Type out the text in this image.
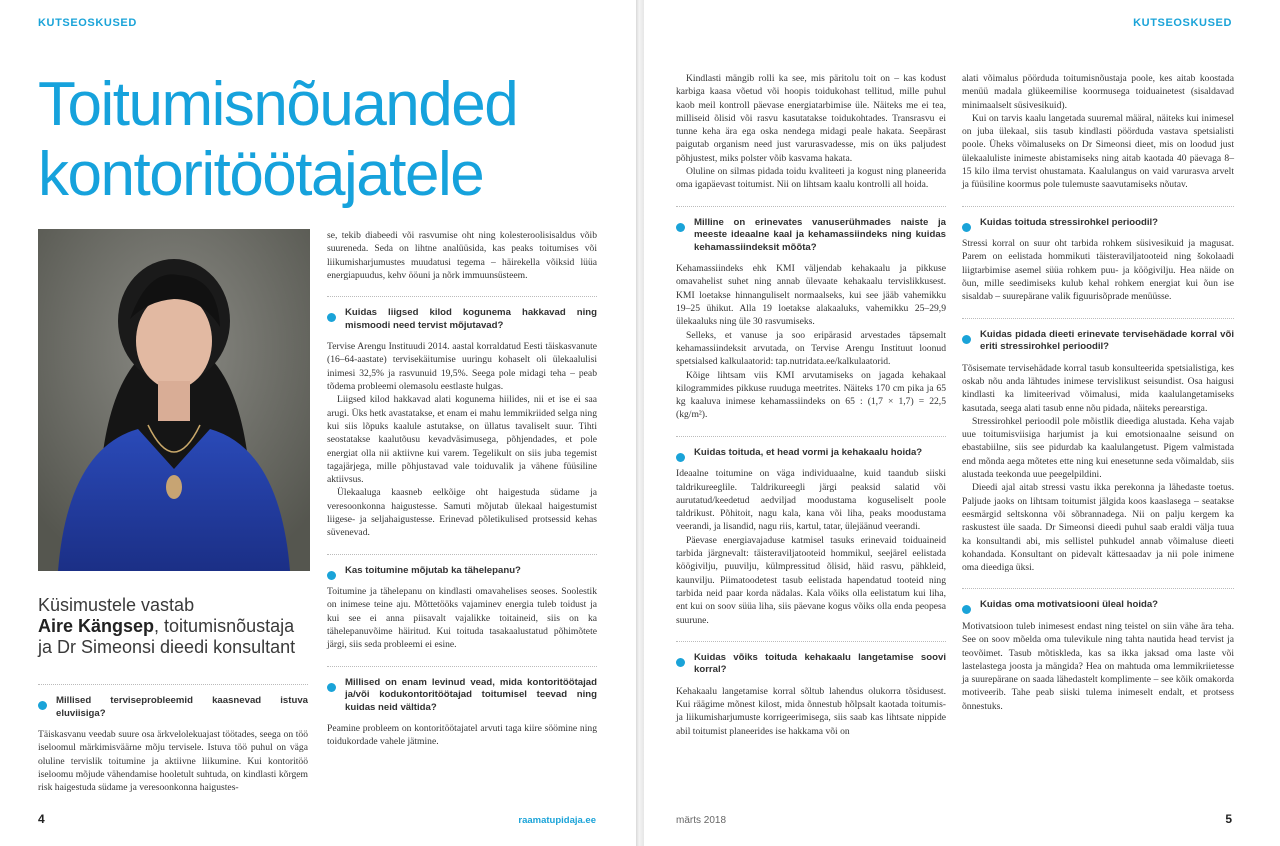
KUTSEOSKUSED
Toitumisnõuanded
kontoritöötajatele
Küsimustele vastab
Aire Kängsep, toitumisnõustaja
ja Dr Simeonsi dieedi konsultant
Millised terviseprobleemid kaasnevad istuva eluviisiga?

Täiskasvanu veedab suure osa ärkvelolekuajast töötades, seega on töö iseloomul märkimisväärne mõju tervisele. Istuva töö puhul on väga oluline tervislik toitumine ja aktiivne liikumine. Kui kontoritöö iseloomu mõjude vähendamise hooletult suhtuda, on kindlasti kõrgem risk haigestuda südame ja veresoonkonna haigustes-

se, tekib diabeedi või rasvumise oht ning kolesteroolisisaldus võib suureneda. Seda on lihtne analüüsida, kas peaks toitumises või liikumisharjumustes muudatusi tegema – häirekella võiksid lüüa energiapuudus, kehv ööuni ja nõrk immuunsüsteem.

Kuidas liigsed kilod kogunema hakkavad ning mismoodi need tervist mõjutavad?

Tervise Arengu Instituudi 2014. aastal korraldatud Eesti täiskasvanute (16–64-aastate) tervisekäitumise uuringu kohaselt oli ülekaalulisi inimesi 32,5% ja rasvunuid 19,5%. Seega pole midagi teha – peab tõdema probleemi olemasolu eestlaste hulgas.

Liigsed kilod hakkavad alati kogunema hiilides, nii et ise ei saa arugi. Üks hetk avastatakse, et enam ei mahu lemmikriided selga ning kui siis lõpuks kaalule astutakse, on üllatus tavaliselt suur. Tihti seostatakse kaalutõusu kevadväsimusega, põhjendades, et pole energiat olla nii aktiivne kui varem. Tegelikult on siis juba tegemist tagajärjega, mille põhjustavad vale toiduvalik ja vähene füüsiline aktiivsus.

Ülekaaluga kaasneb eelkõige oht haigestuda südame ja veresoonkonna haigustesse. Samuti mõjutab ülekaal haigestumist liigese- ja seljahaigustesse. Erinevad põletikulised protsessid kehas süvenevad.

Kas toitumine mõjutab ka tähelepanu?

Toitumine ja tähelepanu on kindlasti omavahelises seoses. Soolestik on inimese teine aju. Mõttetööks vajaminev energia tuleb toidust ja kui see ei anna piisavalt vajalikke toitaineid, siis on ka tähelepanuvõime häiritud. Kui toituda tasakaalustatud põhimõtete järgi, siis seda probleemi ei esine.

Millised on enam levinud vead, mida kontoritöötajad ja/või kodukontoritöötajad toitumisel teevad ning kuidas neid vältida?

Peamine probleem on kontoritöötajatel arvuti taga kiire söömine ning toidukordade vahele jätmine.

4	raamatupidaja.ee
KUTSEOSKUSED

Kindlasti mängib rolli ka see, mis päritolu toit on – kas kodust karbiga kaasa võetud või hoopis toidukohast tellitud, mille puhul kaob meil kontroll päevase energiatarbimise üle. Näiteks me ei tea, milliseid õlisid või rasvu kasutatakse toidukohtades. Transrasvu ei tunne keha ära ega oska nendega midagi peale hakata. Seepärast paigutab organism need just varurasvadesse, mis on üks paljudest põhjustest, miks polster võib kasvama hakata.

Oluline on silmas pidada toidu kvaliteeti ja kogust ning planeerida oma igapäevast toitumist. Nii on lihtsam kaalu kontrolli all hoida.

Milline on erinevates vanuserühmades naiste ja meeste ideaalne kaal ja kehamassiindeks ning kuidas kehamassiindeksit mõõta?

Kehamassiindeks ehk KMI väljendab kehakaalu ja pikkuse omavahelist suhet ning annab ülevaate kehakaalu tervislikkusest. KMI loetakse hinnanguliselt normaalseks, kui see jääb vahemikku 19–25 ühikut. Alla 19 loetakse alakaaluks, vahemikku 25–29,9 ülekaaluks ning üle 30 rasvumiseks.

Selleks, et vanuse ja soo eripärasid arvestades täpsemalt kehamassiindeksit arvutada, on Tervise Arengu Instituut loonud spetsialsed kalkulaatorid: tap.nutridata.ee/kalkulaatorid.

Kõige lihtsam viis KMI arvutamiseks on jagada kehakaal kilogrammides pikkuse ruuduga meetrites. Näiteks 170 cm pika ja 65 kg kaaluva inimese kehamassiindeks on 65 : (1,7 × 1,7) = 22,5 (kg/m²).

Kuidas toituda, et head vormi ja kehakaalu hoida?

Ideaalne toitumine on väga individuaalne, kuid taandub siiski taldrikureeglile. Taldrikureegli järgi peaksid salatid või aurutatud/keedetud aedviljad moodustama koguseliselt poole taldrikust. Põhitoit, nagu kala, kana või liha, peaks moodustama veerandi, ja lisandid, nagu riis, kartul, tatar, ülejäänud veerandi.

Päevase energiavajaduse katmisel tasuks erinevaid toiduaineid tarbida järgnevalt: täisteraviljatooteid hommikul, seejärel eelistada köögivilju, puuvilju, külmpressitud õlisid, häid rasvu, pähkleid, kaunvilju. Piimatoodetest tasub eelistada hapendatud tooteid ning tarbida neid paar korda nädalas. Kala võiks olla eelistatum kui liha, ent kui on soov süüa liha, siis päevane kogus võiks olla enda peopesa suurune.

Kuidas võiks toituda kehakaalu langetamise soovi korral?

Kehakaalu langetamise korral sõltub lahendus olukorra tõsidusest. Kui räägime mõnest kilost, mida õnnestub hõlpsalt kaotada toitumis- ja liikumisharjumuste korrigeerimisega, siis saab kas lihtsate nippide abil toitumist planeerides ise hakkama või on

alati võimalus pöörduda toitumisnõustaja poole, kes aitab koostada menüü madala glükeemilise koormusega toiduainetest (sisaldavad minimaalselt süsivesikuid).

Kui on tarvis kaalu langetada suuremal määral, näiteks kui inimesel on juba ülekaal, siis tasub kindlasti pöörduda vastava spetsialisti poole. Üheks võimaluseks on Dr Simeonsi dieet, mis on loodud just ülekaaluliste inimeste abistamiseks ning aitab kaotada 40 päevaga 8–15 kilo ilma tervist ohustamata. Kaalulangus on vaid varurasva arvelt ja füüsiline koormus pole tulemuste saavutamiseks nõutav.

Kuidas toituda stressirohkel perioodil?

Stressi korral on suur oht tarbida rohkem süsivesikuid ja magusat. Parem on eelistada hommikuti täisteraviljatooteid ning šokolaadi liigtarbimise asemel süüa rohkem puu- ja köögivilju. Hea näide on õun, mille seedimiseks kulub kehal rohkem energiat kui õun ise sisaldab – suurepärane valik figuurisõprade menüüsse.

Kuidas pidada dieeti erinevate tervisehädade korral või eriti stressirohkel perioodil?

Tõsisemate tervisehädade korral tasub konsulteerida spetsialistiga, kes oskab nõu anda lähtudes inimese tervislikust seisundist. Osa haigusi kindlasti ka limiteerivad võimalusi, mida kaalulangetamiseks kasutada, seega alati tasub enne nõu pidada, näiteks perearstiga.

Stressirohkel perioodil pole mõistlik dieediga alustada. Keha vajab uue toitumisviisiga harjumist ja kui emotsionaalne seisund on ebastabiilne, siis see pidurdab ka kaalulangetust. Pigem valmistada end mõnda aega mõtetes ette ning kui enesetunne seda võimaldab, siis alustada teekonda uue peegelpildini.

Dieedi ajal aitab stressi vastu ikka perekonna ja lähedaste toetus. Paljude jaoks on lihtsam toitumist jälgida koos kaaslasega – seatakse eesmärgid seltskonna või sõbrannadega. Nii on palju kergem ka raskustest üle saada. Dr Simeonsi dieedi puhul saab eraldi välja tuua ka konsultandi abi, mis sellistel puhkudel annab võimaluse dieeti kohandada. Konsultant on pidevalt kättesaadav ja nii pole inimene oma dieediga üksi.

Kuidas oma motivatsiooni üleal hoida?

Motivatsioon tuleb inimesest endast ning teistel on siin vähe ära teha. See on soov mõelda oma tulevikule ning tahta nautida head tervist ja teovõimet. Tasub mõtiskleda, kas sa ikka jaksad oma laste või lastelastega joosta ja mängida? Hea on mahtuda oma lemmikriietesse ja suurepärane on saada lähedastelt komplimente – see kõik omakorda motiveerib. Tahe peab siiski tulema inimeselt endalt, et protsess õnnestuks.

märts 2018	5
